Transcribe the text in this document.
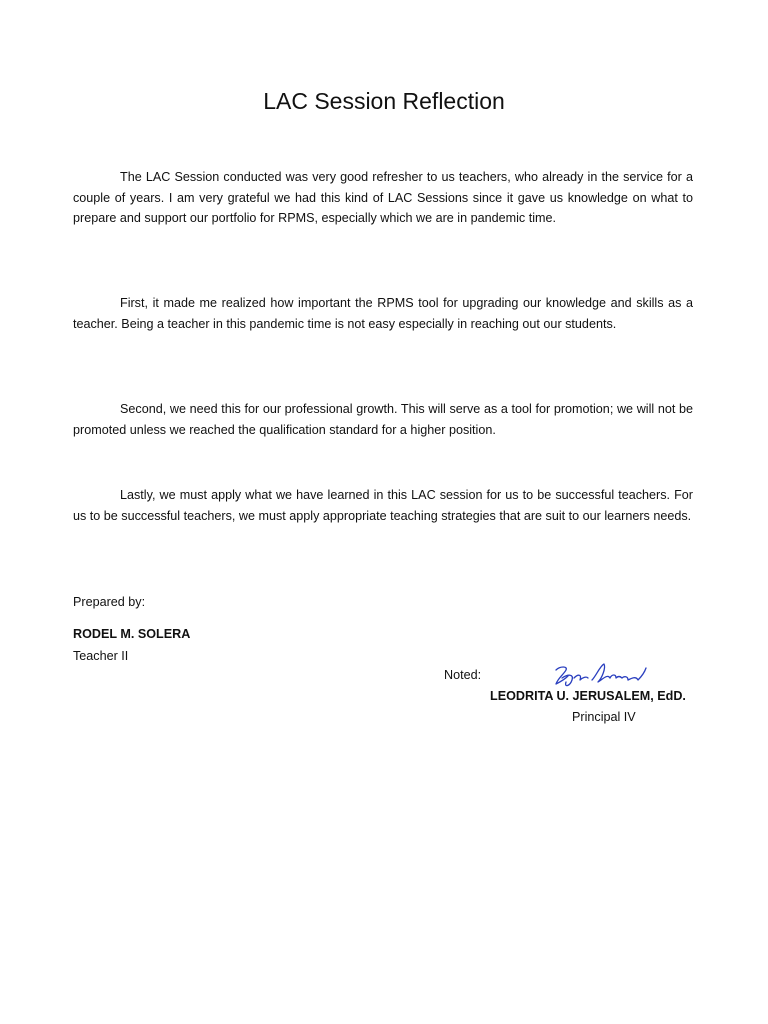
LAC Session Reflection

The LAC Session conducted was very good refresher to us teachers, who already in the service for a couple of years. I am very grateful we had this kind of LAC Sessions since it gave us knowledge on what to prepare and support our portfolio for RPMS, especially which we are in pandemic time.

First, it made me realized how important the RPMS tool for upgrading our knowledge and skills as a teacher. Being a teacher in this pandemic time is not easy especially in reaching out our students.

Second, we need this for our professional growth. This will serve as a tool for promotion; we will not be promoted unless we reached the qualification standard for a higher position.

Lastly, we must apply what we have learned in this LAC session for us to be successful teachers. For us to be successful teachers, we must apply appropriate teaching strategies that are suit to our learners needs.

Prepared by:
RODEL M. SOLERA
Teacher II
Noted:
LEODRITA U. JERUSALEM, EdD.
Principal IV
